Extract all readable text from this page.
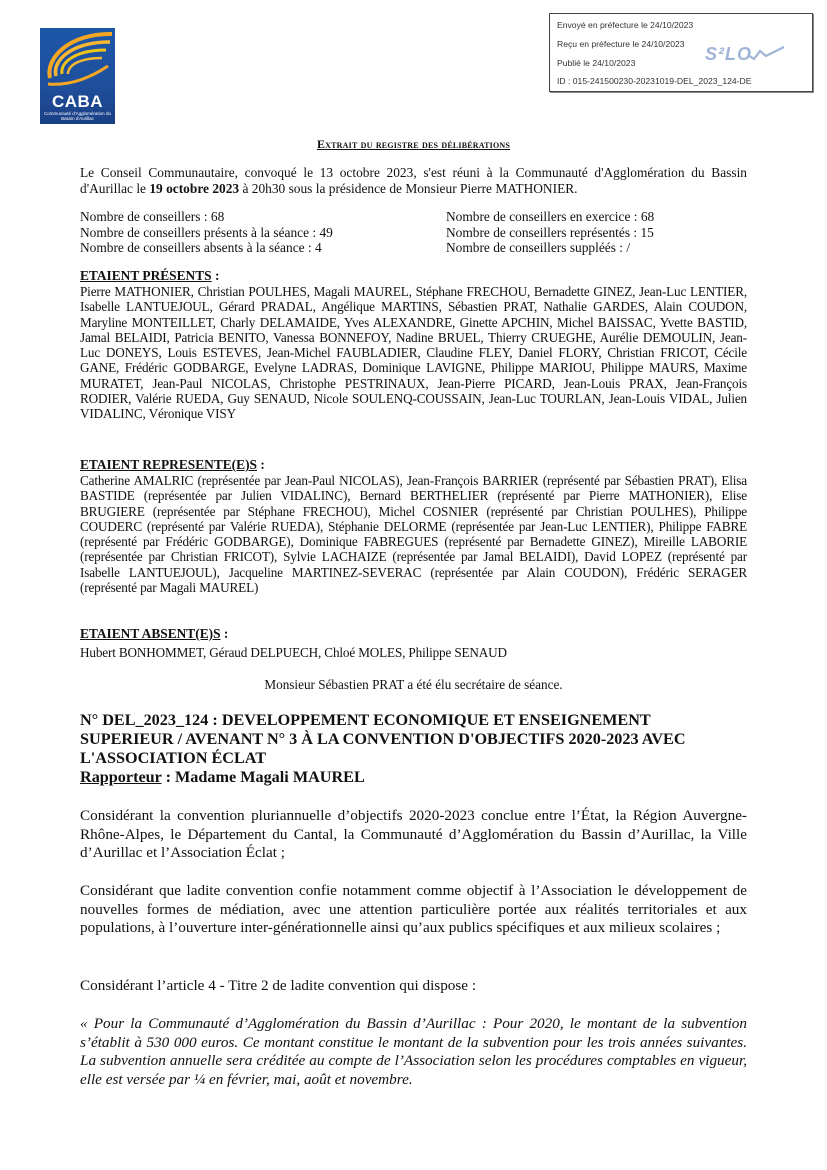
CABA
Communauté d'Agglomération du Bassin d'Aurillac
Envoyé en préfecture le 24/10/2023
Reçu en préfecture le 24/10/2023
Publié le 24/10/2023
ID : 015-241500230-20231019-DEL_2023_124-DE
S²LO
Extrait du registre des délibérations
Le Conseil Communautaire, convoqué le 13 octobre 2023, s'est réuni à la Communauté d'Agglomération du Bassin d'Aurillac le 19 octobre 2023 à 20h30 sous la présidence de Monsieur Pierre MATHONIER.
Nombre de conseillers : 68
Nombre de conseillers présents à la séance : 49
Nombre de conseillers absents à la séance : 4
Nombre de conseillers en exercice : 68
Nombre de conseillers représentés : 15
Nombre de conseillers suppléés : /
ETAIENT PRÉSENTS :
Pierre MATHONIER, Christian POULHES, Magali MAUREL, Stéphane FRECHOU, Bernadette GINEZ, Jean-Luc LENTIER, Isabelle LANTUEJOUL, Gérard PRADAL, Angélique MARTINS, Sébastien PRAT, Nathalie GARDES, Alain COUDON, Maryline MONTEILLET, Charly DELAMAIDE, Yves ALEXANDRE, Ginette APCHIN, Michel BAISSAC, Yvette BASTID, Jamal BELAIDI, Patricia BENITO, Vanessa BONNEFOY, Nadine BRUEL, Thierry CRUEGHE, Aurélie DEMOULIN, Jean-Luc DONEYS, Louis ESTEVES, Jean-Michel FAUBLADIER, Claudine FLEY, Daniel FLORY, Christian FRICOT, Cécile GANE, Frédéric GODBARGE, Evelyne LADRAS, Dominique LAVIGNE, Philippe MARIOU, Philippe MAURS, Maxime MURATET, Jean-Paul NICOLAS, Christophe PESTRINAUX, Jean-Pierre PICARD, Jean-Louis PRAX, Jean-François RODIER, Valérie RUEDA, Guy SENAUD, Nicole SOULENQ-COUSSAIN, Jean-Luc TOURLAN, Jean-Louis VIDAL, Julien VIDALINC, Véronique VISY
ETAIENT REPRESENTE(E)S :
Catherine AMALRIC (représentée par Jean-Paul NICOLAS), Jean-François BARRIER (représenté par Sébastien PRAT), Elisa BASTIDE (représentée par Julien VIDALINC), Bernard BERTHELIER (représenté par Pierre MATHONIER), Elise BRUGIERE (représentée par Stéphane FRECHOU), Michel COSNIER (représenté par Christian POULHES), Philippe COUDERC (représenté par Valérie RUEDA), Stéphanie DELORME (représentée par Jean-Luc LENTIER), Philippe FABRE (représenté par Frédéric GODBARGE), Dominique FABREGUES (représenté par Bernadette GINEZ), Mireille LABORIE (représentée par Christian FRICOT), Sylvie LACHAIZE (représentée par Jamal BELAIDI), David LOPEZ (représenté par Isabelle LANTUEJOUL), Jacqueline MARTINEZ-SEVERAC (représentée par Alain COUDON), Frédéric SERAGER (représenté par Magali MAUREL)
ETAIENT ABSENT(E)S :
Hubert BONHOMMET, Géraud DELPUECH, Chloé MOLES, Philippe SENAUD
Monsieur Sébastien PRAT a été élu secrétaire de séance.
N° DEL_2023_124 : DEVELOPPEMENT ECONOMIQUE ET ENSEIGNEMENT SUPERIEUR / AVENANT N° 3 À LA CONVENTION D'OBJECTIFS 2020-2023 AVEC L'ASSOCIATION ÉCLAT
Rapporteur : Madame Magali MAUREL
Considérant la convention pluriannuelle d’objectifs 2020-2023 conclue entre l’État, la Région Auvergne-Rhône-Alpes, le Département du Cantal, la Communauté d’Agglomération du Bassin d’Aurillac, la Ville d’Aurillac et l’Association Éclat ;
Considérant que ladite convention confie notamment comme objectif à l’Association le développement de nouvelles formes de médiation, avec une attention particulière portée aux réalités territoriales et aux populations, à l’ouverture inter-générationnelle ainsi qu’aux publics spécifiques et aux milieux scolaires ;
Considérant l’article 4 - Titre 2 de ladite convention qui dispose :
« Pour la Communauté d’Agglomération du Bassin d’Aurillac : Pour 2020, le montant de la subvention s’établit à 530 000 euros. Ce montant constitue le montant de la subvention pour les trois années suivantes. La subvention annuelle sera créditée au compte de l’Association selon les procédures comptables en vigueur, elle est versée par ¼ en février, mai, août et novembre.
